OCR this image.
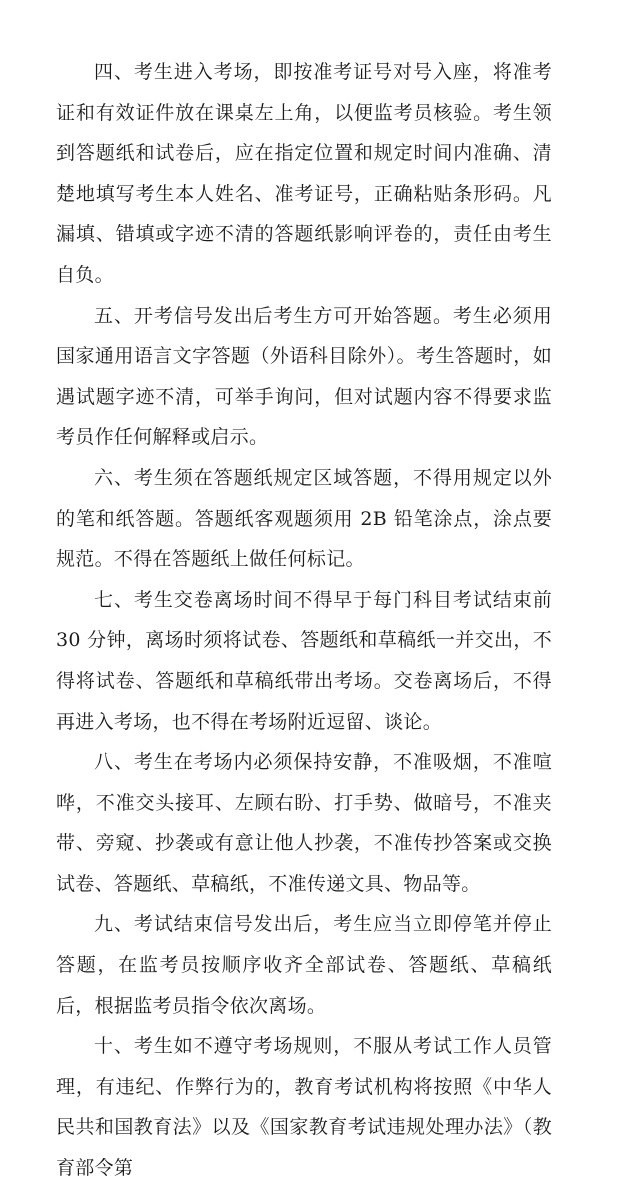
四、考生进入考场，即按准考证号对号入座，将准考证和有效证件放在课桌左上角，以便监考员核验。考生领到答题纸和试卷后，应在指定位置和规定时间内准确、清楚地填写考生本人姓名、准考证号，正确粘贴条形码。凡漏填、错填或字迹不清的答题纸影响评卷的，责任由考生自负。

五、开考信号发出后考生方可开始答题。考生必须用国家通用语言文字答题（外语科目除外）。考生答题时，如遇试题字迹不清，可举手询问，但对试题内容不得要求监考员作任何解释或启示。

六、考生须在答题纸规定区域答题，不得用规定以外的笔和纸答题。答题纸客观题须用 2B 铅笔涂点，涂点要规范。不得在答题纸上做任何标记。

七、考生交卷离场时间不得早于每门科目考试结束前 30 分钟，离场时须将试卷、答题纸和草稿纸一并交出，不得将试卷、答题纸和草稿纸带出考场。交卷离场后，不得再进入考场，也不得在考场附近逗留、谈论。

八、考生在考场内必须保持安静，不准吸烟，不准喧哗，不准交头接耳、左顾右盼、打手势、做暗号，不准夹带、旁窥、抄袭或有意让他人抄袭，不准传抄答案或交换试卷、答题纸、草稿纸，不准传递文具、物品等。

九、考试结束信号发出后，考生应当立即停笔并停止答题，在监考员按顺序收齐全部试卷、答题纸、草稿纸后，根据监考员指令依次离场。

十、考生如不遵守考场规则，不服从考试工作人员管理，有违纪、作弊行为的，教育考试机构将按照《中华人民共和国教育法》以及《国家教育考试违规处理办法》（教育部令第
